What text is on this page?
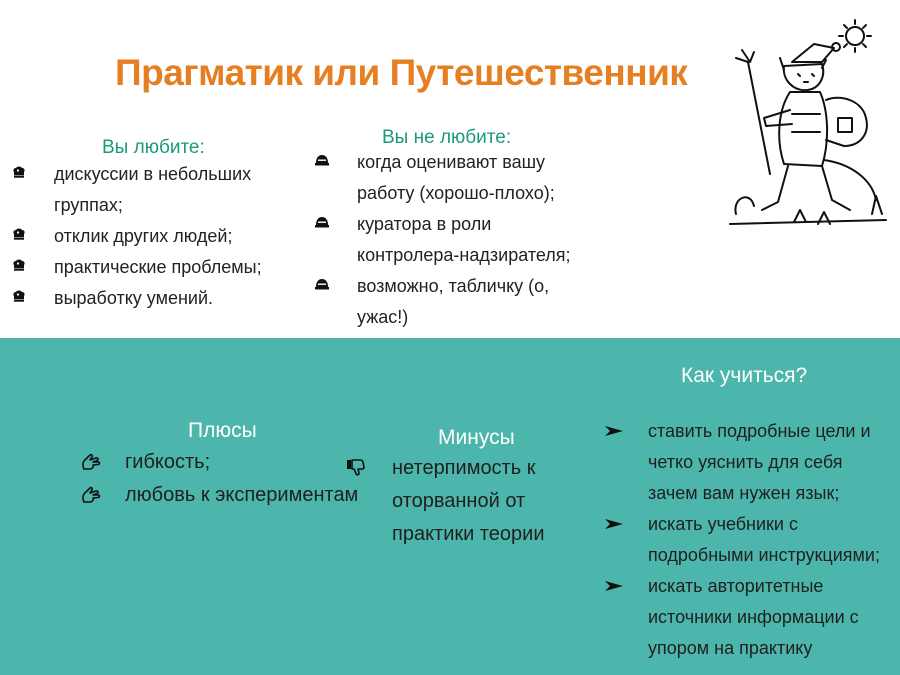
Прагматик или Путешественник
Вы любите:
дискуссии в небольших группах;
отклик других людей;
практические проблемы;
выработку умений.
Вы не любите:
когда оценивают вашу работу (хорошо-плохо);
куратора в роли контролера-надзирателя;
возможно, табличку (о, ужас!)
Плюсы
гибкость;
любовь к экспериментам
Минусы
нетерпимость к оторванной от практики теории
Как учиться?
ставить подробные цели и четко уяснить для себя зачем вам нужен язык;
искать учебники с подробными инструкциями;
искать авторитетные источники информации с упором на практику
